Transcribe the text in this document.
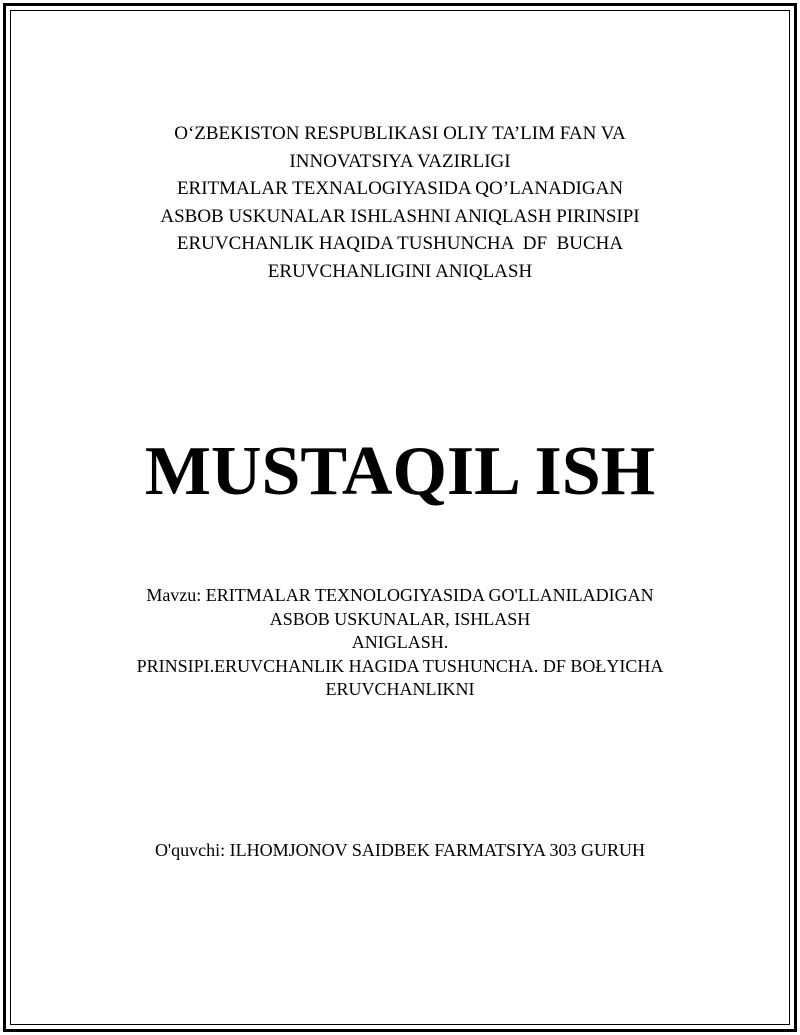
O‘ZBEKISTON RESPUBLIKASI OLIY TA’LIM FAN VA
INNOVATSIYA VAZIRLIGI
ERITMALAR TEXNALOGIYASIDA QO’LANADIGAN
ASBOB USKUNALAR ISHLASHNI ANIQLASH PIRINSIPI
ERUVCHANLIK HAQIDA TUSHUNCHA  DF  BUCHA
ERUVCHANLIGINI ANIQLASH
MUSTAQIL ISH
Mavzu: ERITMALAR TEXNOLOGIYASIDA GO'LLANILADIGAN
ASBOB USKUNALAR, ISHLASH
ANIGLASH.
PRINSIPI.ERUVCHANLIK HAGIDA TUSHUNCHA. DF BOŁYICHA
ERUVCHANLIKNI
O'quvchi: ILHOMJONOV SAIDBEK FARMATSIYA 303 GURUH
